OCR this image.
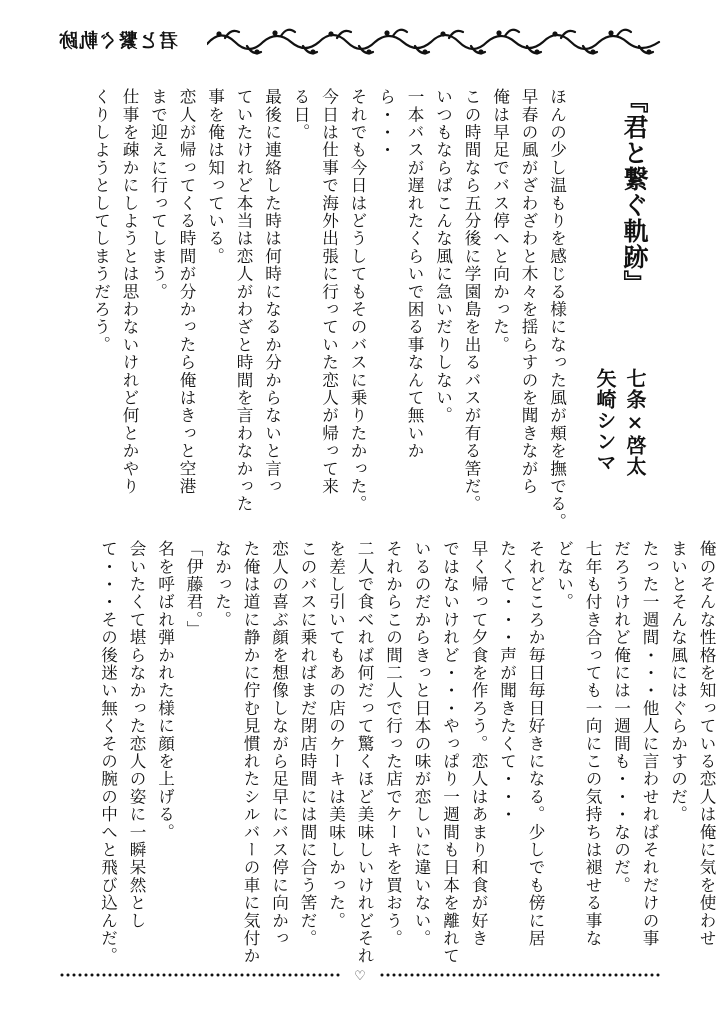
君と繋ぐ軌跡
『君と繋ぐ軌跡』
七条×啓太
矢崎シンマ
ほんの少し温もりを感じる様になった風が頬を撫でる。
早春の風がざわざわと木々を揺らすのを聞きながら
俺は早足でバス停へと向かった。
この時間なら五分後に学園島を出るバスが有る筈だ。
いつもならばこんな風に急いだりしない。
一本バスが遅れたくらいで困る事なんて無いか
ら・・・
それでも今日はどうしてもそのバスに乗りたかった。
今日は仕事で海外出張に行っていた恋人が帰って来
る日。
最後に連絡した時は何時になるか分からないと言っ
ていたけれど本当は恋人がわざと時間を言わなかった
事を俺は知っている。
恋人が帰ってくる時間が分かったら俺はきっと空港
まで迎えに行ってしまう。
仕事を疎かにしようとは思わないけれど何とかやり
くりしようとしてしまうだろう。
俺のそんな性格を知っている恋人は俺に気を使わせ
まいとそんな風にはぐらかすのだ。
たった一週間・・・他人に言わせればそれだけの事
だろうけれど俺には一週間も・・・なのだ。
七年も付き合っても一向にこの気持ちは褪せる事な
どない。
それどころか毎日毎日好きになる。少しでも傍に居
たくて・・・声が聞きたくて・・・
早く帰って夕食を作ろう。恋人はあまり和食が好き
ではないけれど・・・やっぱり一週間も日本を離れて
いるのだからきっと日本の味が恋しいに違いない。
それからこの間二人で行った店でケーキを買おう。
二人で食べれば何だって驚くほど美味しいけれどそれ
を差し引いてもあの店のケーキは美味しかった。
このバスに乗ればまだ閉店時間には間に合う筈だ。
恋人の喜ぶ顔を想像しながら足早にバス停に向かっ
た俺は道に静かに佇む見慣れたシルバーの車に気付か
なかった。
「伊藤君。」
名を呼ばれ弾かれた様に顔を上げる。
会いたくて堪らなかった恋人の姿に一瞬呆然とし
て・・・その後迷い無くその腕の中へと飛び込んだ。
♡
